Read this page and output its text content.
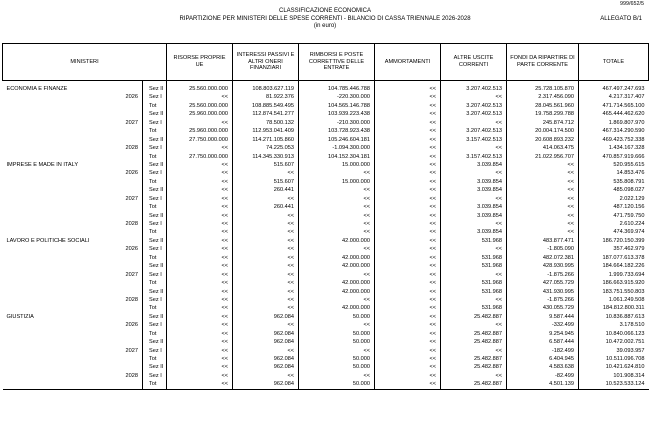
999/652/5
CLASSIFICAZIONE ECONOMICA
RIPARTIZIONE PER MINISTERI DELLE SPESE CORRENTI - BILANCIO DI CASSA TRIENNALE 2026-2028
(in euro)
ALLEGATO B/1
MINISTERI			RISORSE PROPRIE UE	INTERESSI PASSIVI E ALTRI ONERI FINANZIARI	RIMBORSI E POSTE CORRETTIVE DELLE ENTRATE	AMMORTAMENTI	ALTRE USCITE CORRENTI	FONDI DA RIPARTIRE DI PARTE CORRENTE	TOTALE

ECONOMIA E FINANZE		Sez II	25.560.000.000	108.803.627.119	104.785.446.788	<<	3.207.402.513	25.728.105.870	467.497.247.693
	2026	Sez I	<<	81.922.376	-220.300.000	<<	<<	2.317.456.090	4.217.317.407
		Tot	25.560.000.000	108.885.549.495	104.565.146.788	<<	3.207.402.513	28.045.561.960	471.714.565.100
		Sez II	25.960.000.000	112.874.541.277	103.939.223.438	<<	3.207.402.513	19.758.299.788	465.444.462.620
	2027	Sez I	<<	78.500.132	-210.300.000	<<	<<	245.874.712	1.869.807.970
		Tot	25.960.000.000	112.953.041.409	103.728.923.438	<<	3.207.402.513	20.004.174.500	467.314.290.590
		Sez II	27.750.000.000	114.271.105.860	105.246.604.181	<<	3.157.402.513	20.608.893.232	469.423.752.338
	2028	Sez I	<<	74.225.053	-1.094.300.000	<<	<<	414.063.475	1.434.167.328
		Tot	27.750.000.000	114.345.330.913	104.152.304.181	<<	3.157.402.513	21.022.956.707	470.857.919.666
IMPRESE E MADE IN ITALY		Sez II	<<	515.607	15.000.000	<<	3.039.854	<<	520.955.615
	2026	Sez I	<<	<<	<<	<<	<<	<<	14.853.476
		Tot	<<	515.607	15.000.000	<<	3.039.854	<<	535.808.791
		Sez II	<<	260.441	<<	<<	3.039.854	<<	485.098.027
	2027	Sez I	<<	<<	<<	<<	<<	<<	2.022.129
		Tot	<<	260.441	<<	<<	3.039.854	<<	487.120.156
		Sez II	<<	<<	<<	<<	3.039.854	<<	471.759.750
	2028	Sez I	<<	<<	<<	<<	<<	<<	2.610.224
		Tot	<<	<<	<<	<<	3.039.854	<<	474.369.974
LAVORO E POLITICHE SOCIALI		Sez II	<<	<<	42.000.000	<<	531.968	483.877.471	186.720.150.399
	2026	Sez I	<<	<<	<<	<<	<<	-1.805.090	357.462.979
		Tot	<<	<<	42.000.000	<<	531.968	482.072.381	187.077.613.378
		Sez II	<<	<<	42.000.000	<<	531.968	428.930.995	184.664.182.226
	2027	Sez I	<<	<<	<<	<<	<<	-1.875.266	1.999.733.694
		Tot	<<	<<	42.000.000	<<	531.968	427.055.729	186.663.915.920
		Sez II	<<	<<	42.000.000	<<	531.968	431.930.995	183.751.550.803
	2028	Sez I	<<	<<	<<	<<	<<	-1.875.266	1.061.249.508
		Tot	<<	<<	42.000.000	<<	531.968	430.055.729	184.812.800.311
GIUSTIZIA		Sez II	<<	962.084	50.000	<<	25.482.887	9.587.444	10.836.887.613
	2026	Sez I	<<	<<	<<	<<	<<	-332.499	3.178.510
		Tot	<<	962.084	50.000	<<	25.482.887	9.254.945	10.840.066.123
		Sez II	<<	962.084	50.000	<<	25.482.887	6.587.444	10.472.002.751
	2027	Sez I	<<	<<	<<	<<	<<	-182.499	39.093.957
		Tot	<<	962.084	50.000	<<	25.482.887	6.404.945	10.511.096.708
		Sez II	<<	962.084	50.000	<<	25.482.887	4.583.638	10.421.624.810
	2028	Sez I	<<	<<	<<	<<	<<	-82.499	101.908.314
		Tot	<<	962.084	50.000	<<	25.482.887	4.501.139	10.523.533.124
